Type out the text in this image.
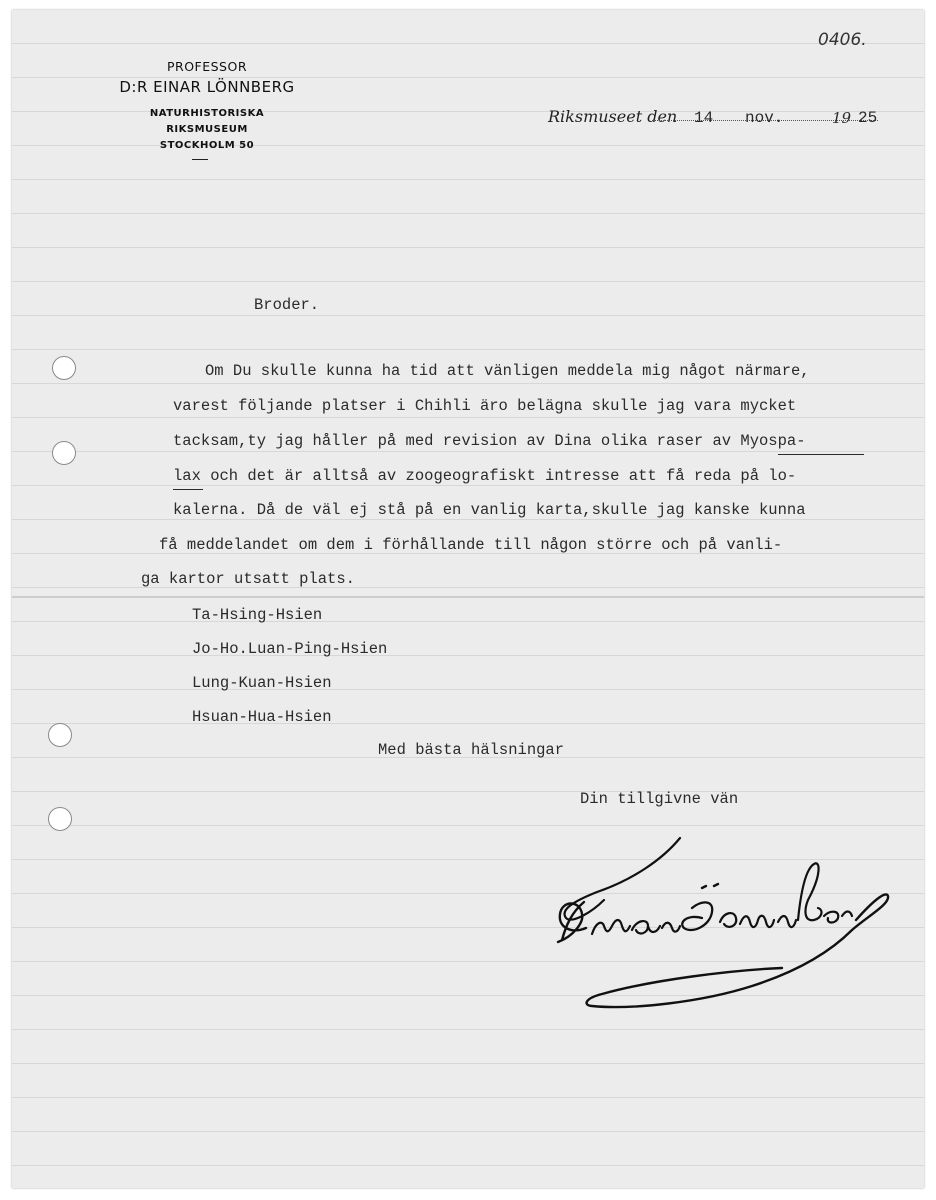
0406.
PROFESSOR
D:R EINAR LÖNNBERG
NATURHISTORISKA
RIKSMUSEUM
STOCKHOLM 50
Riksmuseet den 14 nov.	19 25
Broder.
Om Du skulle kunna ha tid att vänligen meddela mig något närmare,
varest följande platser i Chihli äro belägna skulle jag vara mycket
tacksam,ty jag håller på med revision av Dina olika raser av Myospa-
lax och det är alltså av zoogeografiskt intresse att få reda på lo-
kalerna. Då de väl ej stå på en vanlig karta,skulle jag kanske kunna
få meddelandet om dem i förhållande till någon större och på vanli-
ga kartor utsatt plats.
Ta-Hsing-Hsien
Jo-Ho.Luan-Ping-Hsien
Lung-Kuan-Hsien
Hsuan-Hua-Hsien
Med bästa hälsningar
Din tillgivne vän
